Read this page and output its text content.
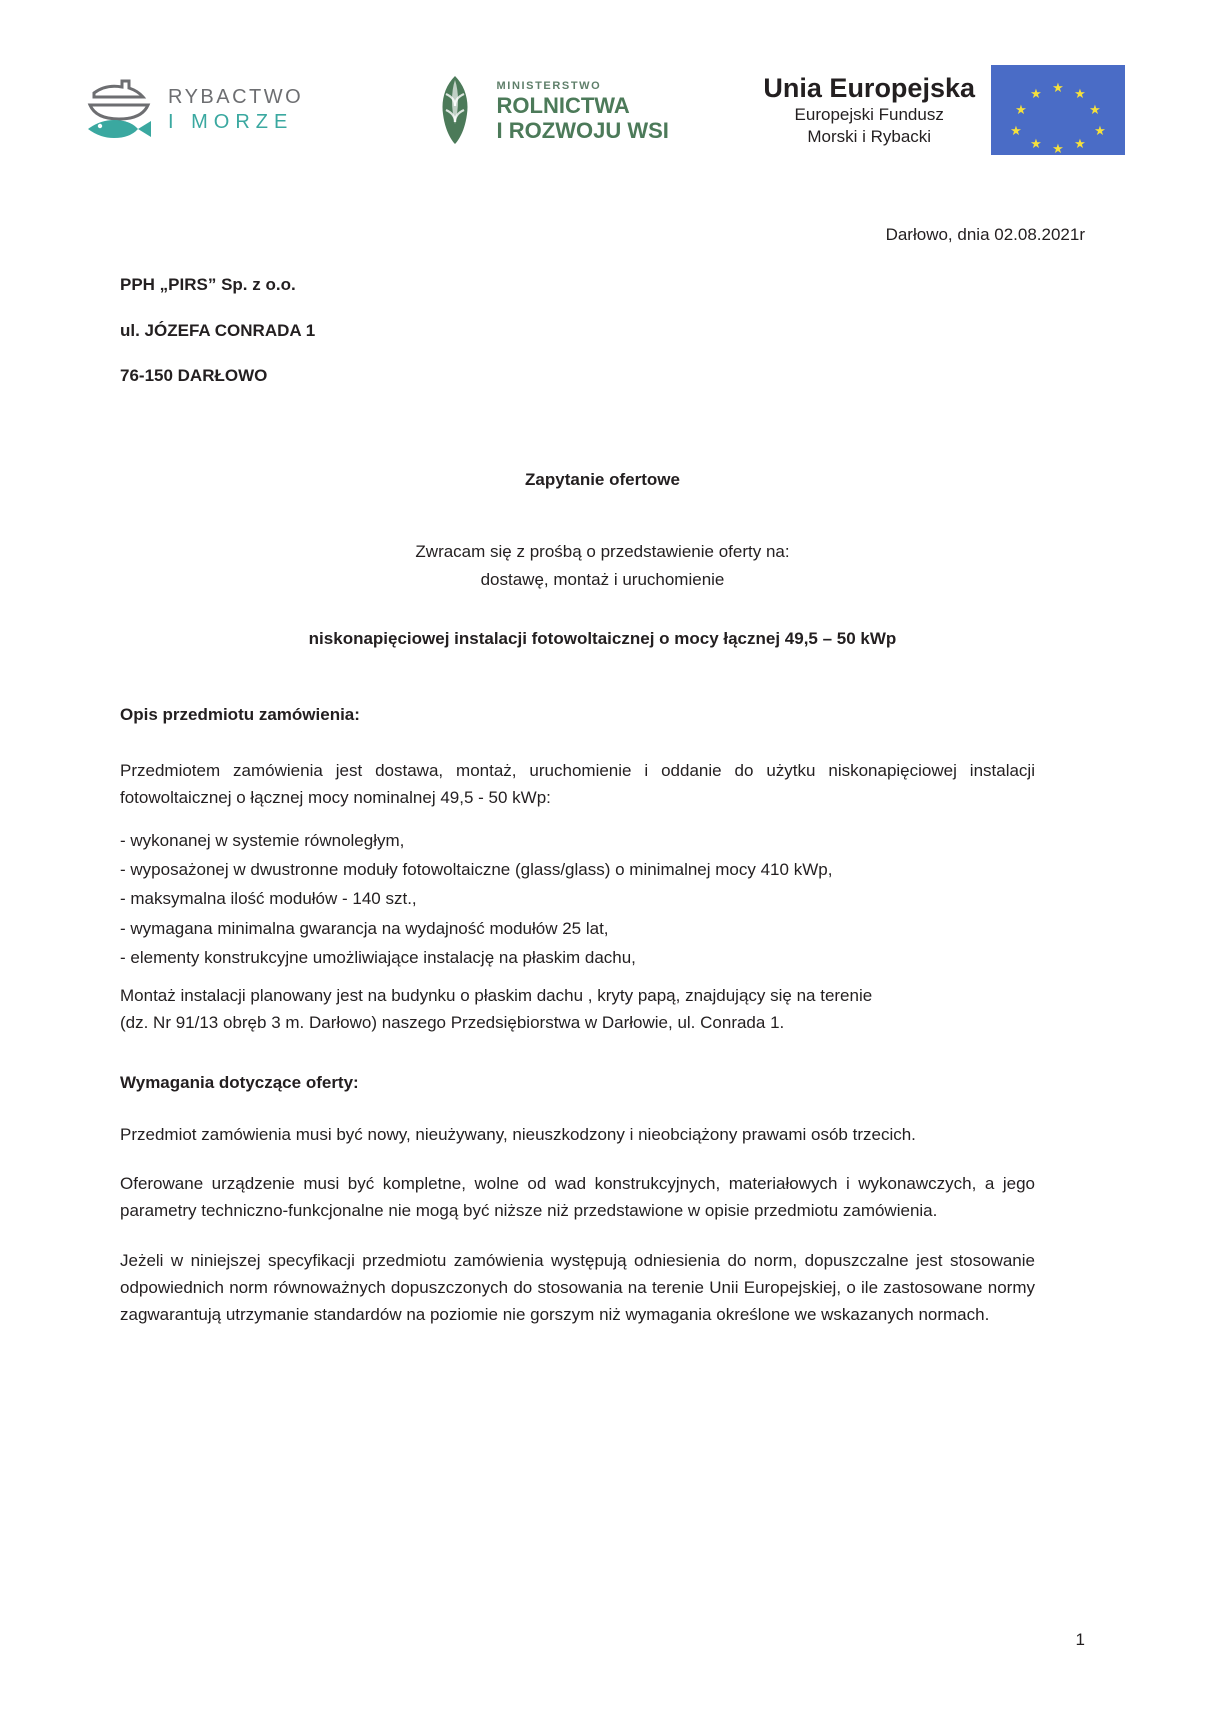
RYBACTWO
I MORZE
MINISTERSTWO
ROLNICTWA
I ROZWOJU WSI
Unia Europejska
Europejski Fundusz
Morski i Rybacki
★ ★
★
★
★
★
★
★
★
★
Darłowo, dnia 02.08.2021r
PPH „PIRS” Sp. z o.o.
ul. JÓZEFA CONRADA 1
76-150 DARŁOWO
Zapytanie ofertowe
Zwracam się z prośbą o przedstawienie oferty na:
dostawę, montaż i uruchomienie
niskonapięciowej instalacji fotowoltaicznej o mocy łącznej 49,5 – 50 kWp
Opis przedmiotu zamówienia:
Przedmiotem zamówienia jest dostawa, montaż, uruchomienie i oddanie do użytku niskonapięciowej instalacji fotowoltaicznej o łącznej mocy nominalnej 49,5 - 50 kWp:
- wykonanej w systemie równoległym,
- wyposażonej w dwustronne moduły fotowoltaiczne (glass/glass) o minimalnej mocy 410 kWp,
- maksymalna ilość modułów - 140 szt.,
- wymagana minimalna gwarancja na wydajność modułów 25 lat,
- elementy konstrukcyjne umożliwiające instalację na płaskim dachu,
Montaż instalacji planowany jest na budynku o płaskim dachu , kryty papą, znajdujący się na terenie
(dz. Nr 91/13 obręb 3 m. Darłowo) naszego Przedsiębiorstwa w Darłowie, ul. Conrada 1.
Wymagania dotyczące oferty:
Przedmiot zamówienia musi być nowy, nieużywany, nieuszkodzony i nieobciążony prawami osób trzecich.
Oferowane urządzenie musi być kompletne, wolne od wad konstrukcyjnych, materiałowych i wykonawczych, a jego parametry techniczno-funkcjonalne nie mogą być niższe niż przedstawione w opisie przedmiotu zamówienia.
Jeżeli w niniejszej specyfikacji przedmiotu zamówienia występują odniesienia do norm, dopuszczalne jest stosowanie odpowiednich norm równoważnych dopuszczonych do stosowania na terenie Unii Europejskiej, o ile zastosowane normy zagwarantują utrzymanie standardów na poziomie nie gorszym niż wymagania określone we wskazanych normach.
1
